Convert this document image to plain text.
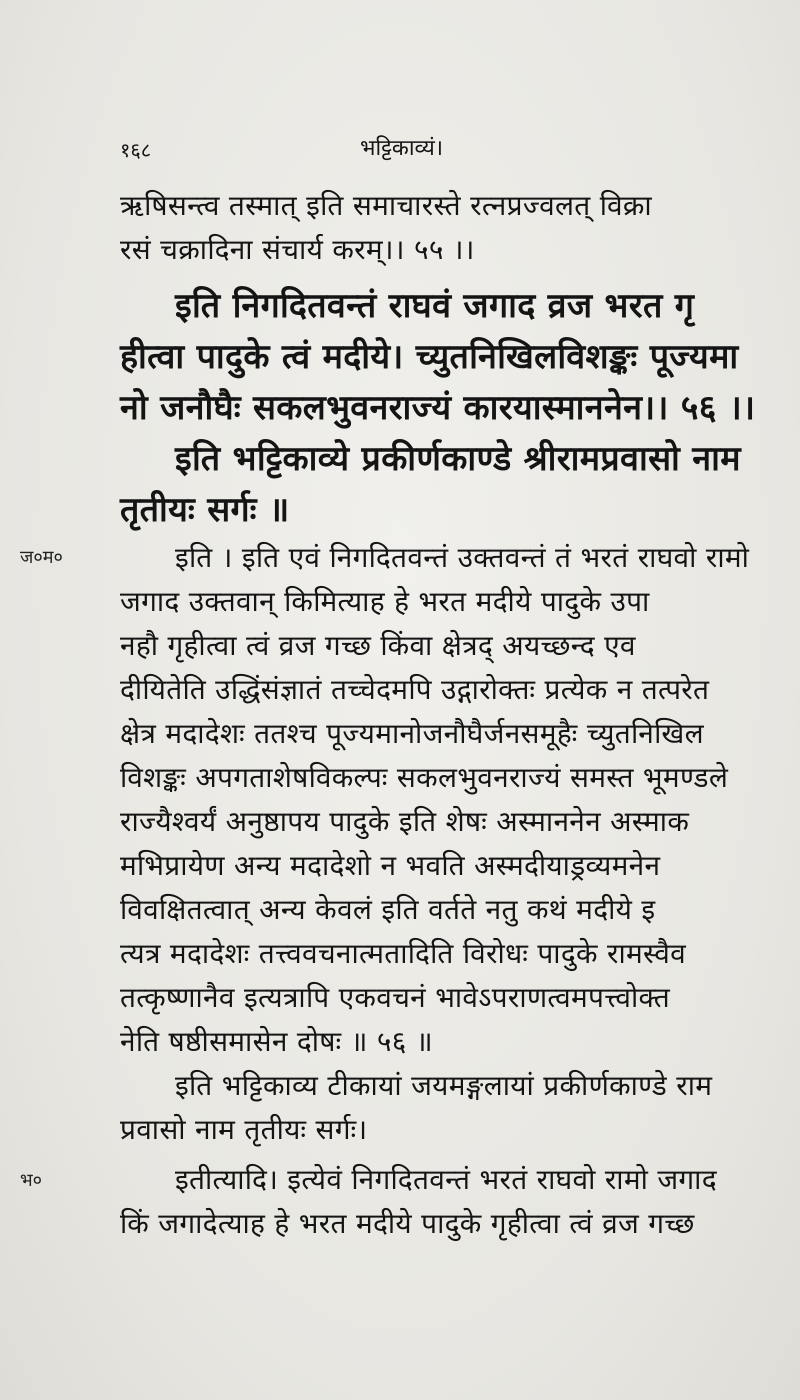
१६८	भट्टिकाव्यं।
ऋषिसन्त्व तस्मात् इति समाचारस्ते रत्नप्रज्वलत् विक्रा
रसं चक्रादिना संचार्य करम्।। ५५ ।।
इति निगदितवन्तं राघवं जगाद व्रज भरत गृ
हीत्वा पादुके त्वं मदीये। च्युतनिखिलविशङ्कः पूज्यमा
नो जनौघैः सकलभुवनराज्यं कारयास्माननेन।। ५६ ।।
इति भट्टिकाव्ये प्रकीर्णकाण्डे श्रीरामप्रवासो नाम
तृतीयः सर्गः ॥
ज०म०	इति । इति एवं निगदितवन्तं उक्तवन्तं तं भरतं राघवो रामो
जगाद उक्तवान् किमित्याह हे भरत मदीये पादुके उपा
नहौ गृहीत्वा त्वं व्रज गच्छ किंवा क्षेत्रद् अयच्छन्द एव
दीयितेति उद्धिंसंज्ञातं तच्चेदमपि उद्गारोक्तः प्रत्येक न तत्परेत
क्षेत्र मदादेशः ततश्च पूज्यमानोजनौघैर्जनसमूहैः च्युतनिखिल
विशङ्कः अपगताशेषविकल्पः सकलभुवनराज्यं समस्त भूमण्डले
राज्यैश्वर्यं अनुष्ठापय पादुके इति शेषः अस्माननेन अस्माक
मभिप्रायेण अन्य मदादेशो न भवति अस्मदीयाड्रव्यमनेन
विवक्षितत्वात् अन्य केवलं इति वर्तते नतु कथं मदीये इ
त्यत्र मदादेशः तत्त्ववचनात्मतादिति विरोधः पादुके रामस्वैव
तत्कृष्णानैव इत्यत्रापि एकवचनं भावेऽपराणत्वमपत्त्वोक्त
नेति षष्ठीसमासेन दोषः ॥ ५६ ॥
इति भट्टिकाव्य टीकायां जयमङ्गलायां प्रकीर्णकाण्डे राम
प्रवासो नाम तृतीयः सर्गः।
भ०	इतीत्यादि। इत्येवं निगदितवन्तं भरतं राघवो रामो जगाद
किं जगादेत्याह हे भरत मदीये पादुके गृहीत्वा त्वं व्रज गच्छ
